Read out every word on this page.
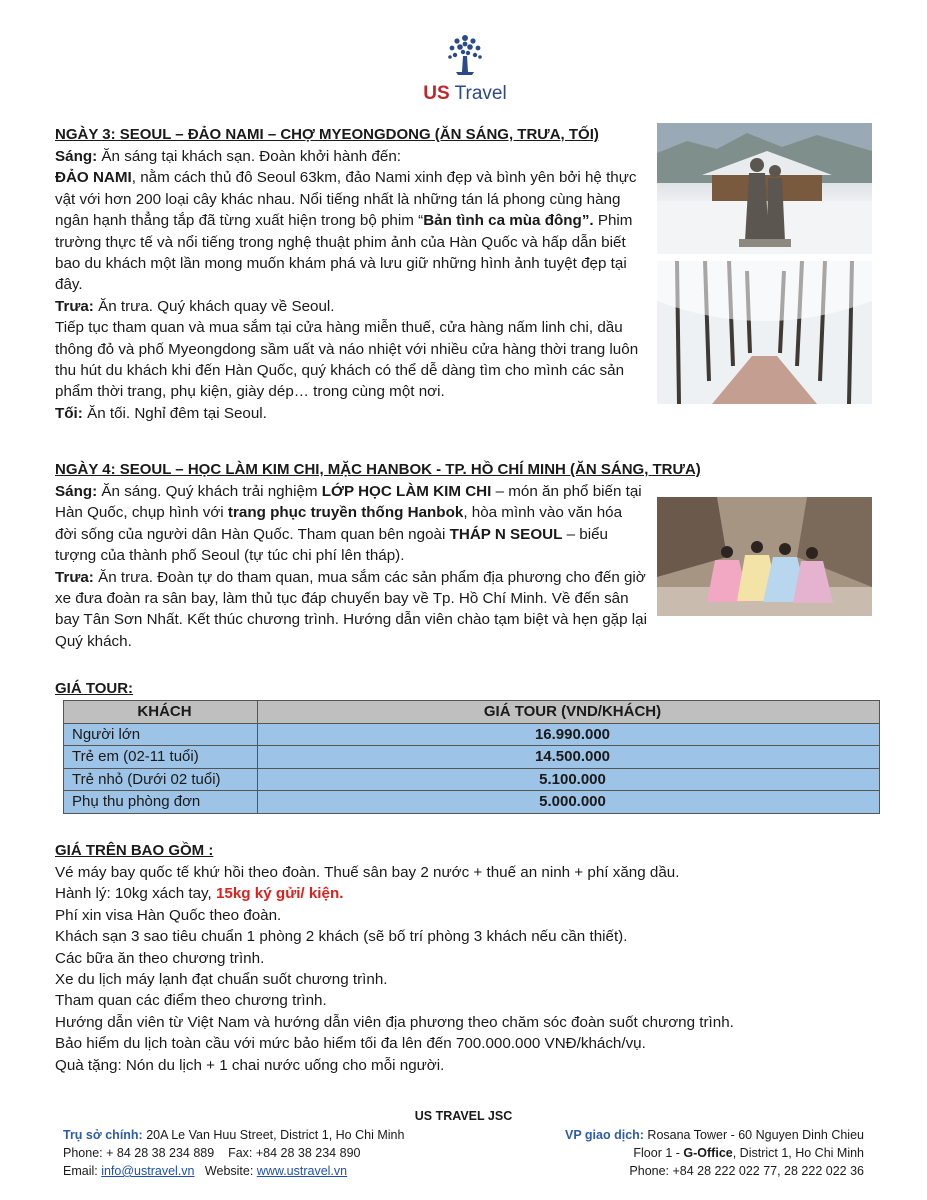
US Travel
NGÀY 3: SEOUL – ĐẢO NAMI – CHỢ MYEONGDONG (ĂN SÁNG, TRƯA, TỐI)

Sáng: Ăn sáng tại khách sạn. Đoàn khởi hành đến:

ĐẢO NAMI, nằm cách thủ đô Seoul 63km, đảo Nami xinh đẹp và bình yên bởi hệ thực vật với hơn 200 loại cây khác nhau. Nổi tiếng nhất là những tán lá phong cùng hàng ngân hạnh thẳng tắp đã từng xuất hiện trong bộ phim “Bản tình ca mùa đông”. Phim trường thực tế và nổi tiếng trong nghệ thuật phim ảnh của Hàn Quốc và hấp dẫn biết bao du khách một lần mong muốn khám phá và lưu giữ những hình ảnh tuyệt đẹp tại đây.

Trưa: Ăn trưa. Quý khách quay về Seoul.

Tiếp tục tham quan và mua sắm tại cửa hàng miễn thuế, cửa hàng nấm linh chi, dầu thông đỏ và phố Myeongdong sầm uất và náo nhiệt với nhiều cửa hàng thời trang luôn thu hút du khách khi đến Hàn Quốc, quý khách có thể dễ dàng tìm cho mình các sản phẩm thời trang, phụ kiện, giày dép… trong cùng một nơi.

Tối: Ăn tối. Nghỉ đêm tại Seoul.

NGÀY 4: SEOUL – HỌC LÀM KIM CHI, MẶC HANBOK - TP. HỒ CHÍ MINH (ĂN SÁNG, TRƯA)

Sáng: Ăn sáng. Quý khách trải nghiệm LỚP HỌC LÀM KIM CHI – món ăn phổ biến tại Hàn Quốc, chụp hình với trang phục truyền thống Hanbok, hòa mình vào văn hóa đời sống của người dân Hàn Quốc. Tham quan bên ngoài THÁP N SEOUL – biểu tượng của thành phố Seoul (tự túc chi phí lên tháp).

Trưa: Ăn trưa. Đoàn tự do tham quan, mua sắm các sản phẩm địa phương cho đến giờ xe đưa đoàn ra sân bay, làm thủ tục đáp chuyến bay về Tp. Hồ Chí Minh. Về đến sân bay Tân Sơn Nhất. Kết thúc chương trình. Hướng dẫn viên chào tạm biệt và hẹn gặp lại Quý khách.

GIÁ TOUR:
KHÁCH	GIÁ TOUR (VND/KHÁCH)
Người lớn	16.990.000
Trẻ em (02-11 tuổi)	14.500.000
Trẻ nhỏ (Dưới 02 tuổi)	5.100.000
Phụ thu phòng đơn	5.000.000
GIÁ TRÊN BAO GỒM :

Vé máy bay quốc tế khứ hồi theo đoàn. Thuế sân bay 2 nước + thuế an ninh + phí xăng dầu.

Hành lý: 10kg xách tay, 15kg ký gửi/ kiện.

Phí xin visa Hàn Quốc theo đoàn.

Khách sạn 3 sao tiêu chuẩn 1 phòng 2 khách (sẽ bố trí phòng 3 khách nếu cần thiết).

Các bữa ăn theo chương trình.

Xe du lịch máy lạnh đạt chuẩn suốt chương trình.

Tham quan các điểm theo chương trình.

Hướng dẫn viên từ Việt Nam và hướng dẫn viên địa phương theo chăm sóc đoàn suốt chương trình.

Bảo hiểm du lịch toàn cầu với mức bảo hiểm tối đa lên đến 700.000.000 VNĐ/khách/vụ.

Quà tặng: Nón du lịch + 1 chai nước uống cho mỗi người.

US TRAVEL JSC
Trụ sở chính: 20A Le Van Huu Street, District 1, Ho Chi Minh
Phone: + 84 28 38 234 889    Fax: +84 28 38 234 890
Email: info@ustravel.vn   Website: www.ustravel.vn
VP giao dịch: Rosana Tower - 60 Nguyen Dinh Chieu
Floor 1 - G-Office, District 1, Ho Chi Minh
Phone: +84 28 222 022 77, 28 222 022 36
